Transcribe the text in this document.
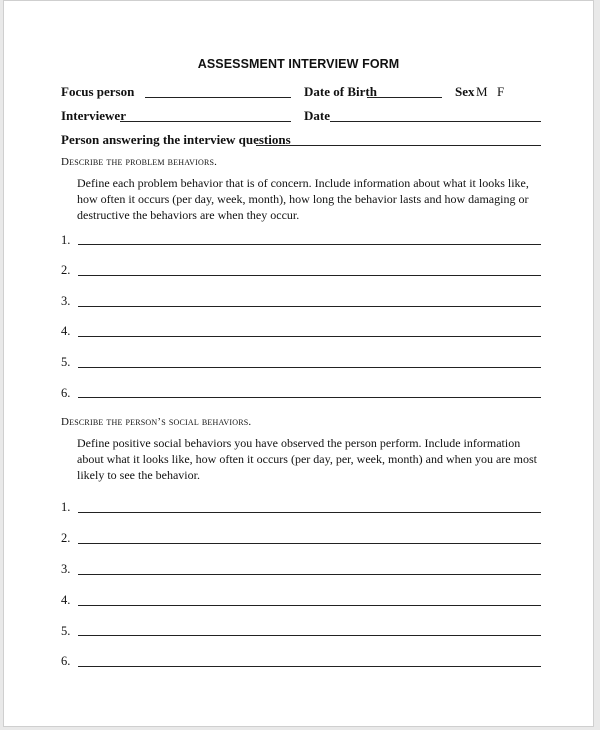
ASSESSMENT INTERVIEW FORM
Focus person	Date of Birth	Sex M F
Interviewer	Date
Person answering the interview questions
Describe the problem behaviors.
Define each problem behavior that is of concern. Include information about what it looks like, how often it occurs (per day, week, month), how long the behavior lasts and how damaging or destructive the behaviors are when they occur.
1.
2.
3.
4.
5.
6.
Describe the person’s social behaviors.
Define positive social behaviors you have observed the person perform. Include information about what it looks like, how often it occurs (per day, per, week, month) and when you are most likely to see the behavior.
1.
2.
3.
4.
5.
6.
